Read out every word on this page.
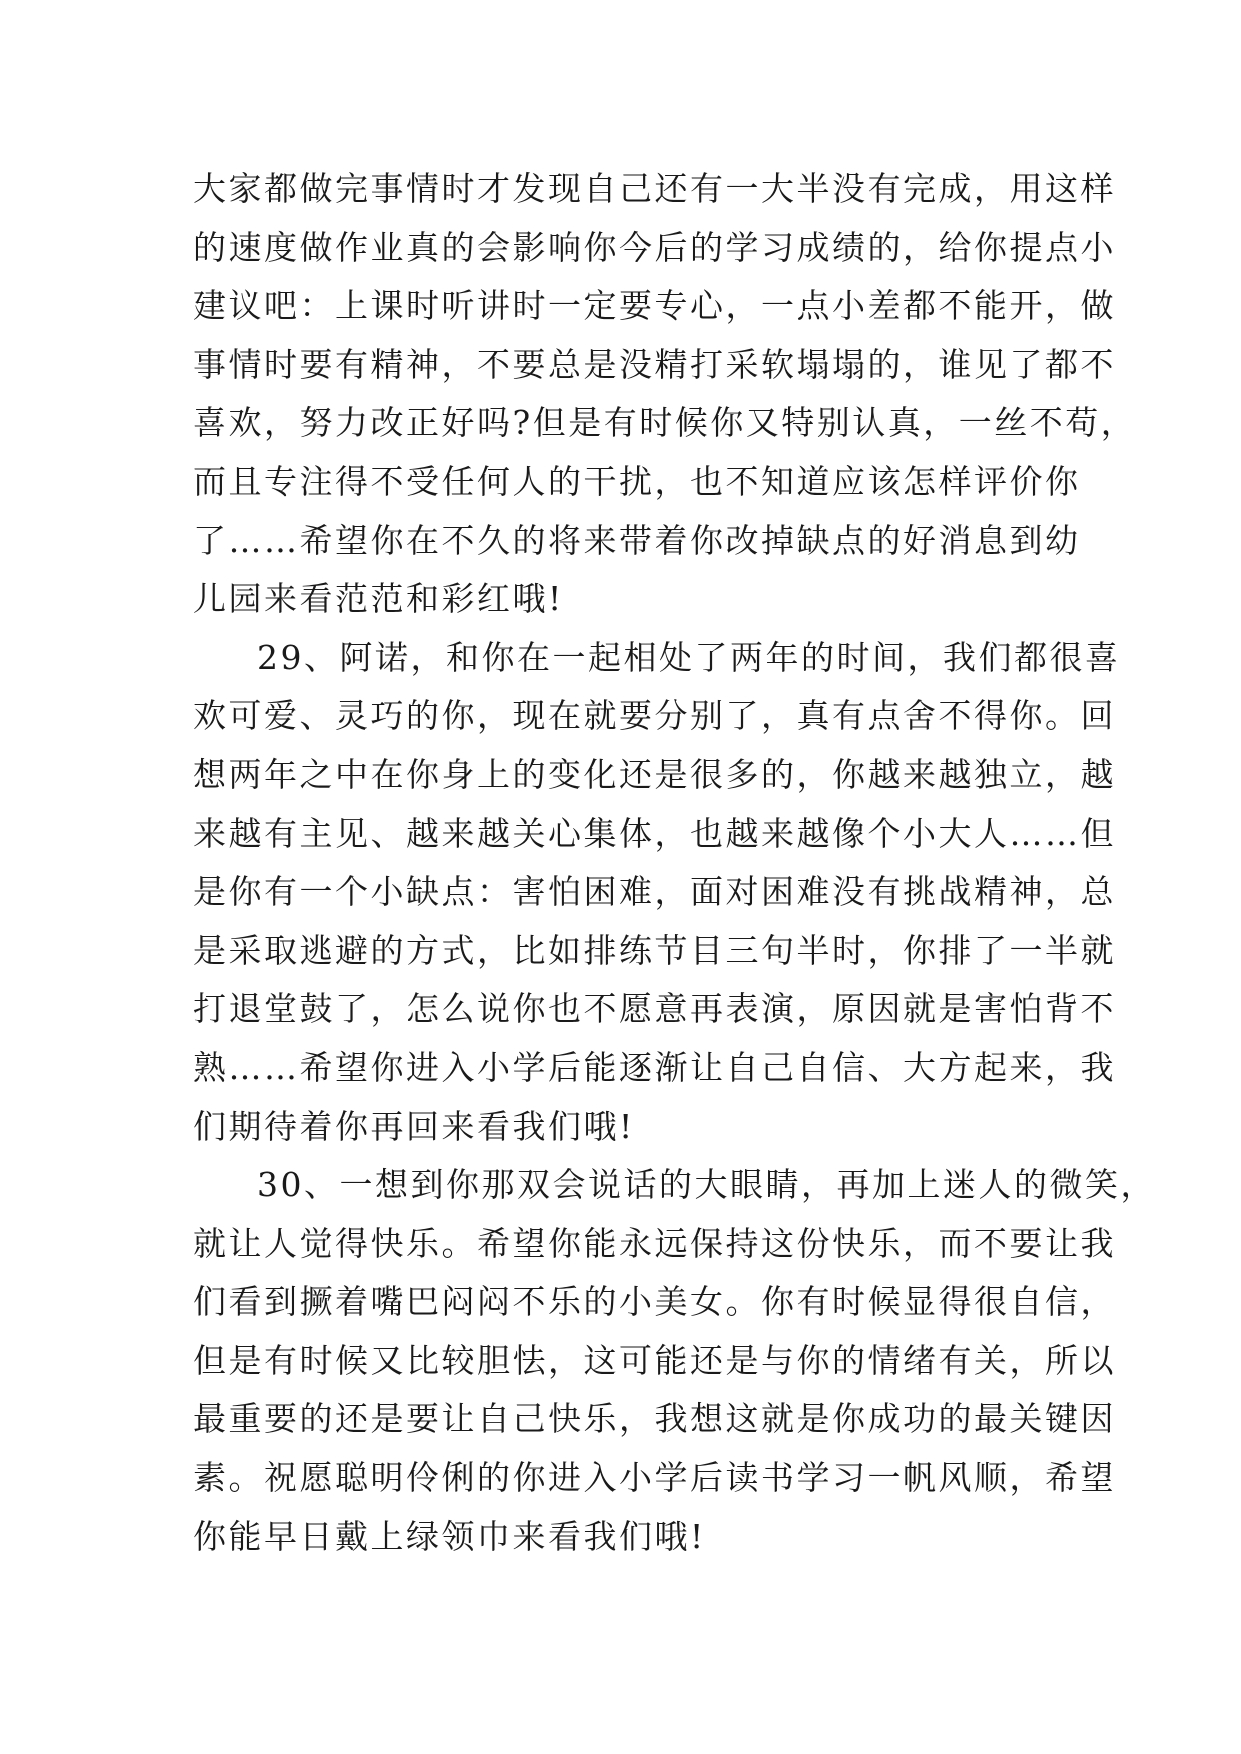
大家都做完事情时才发现自己还有一大半没有完成，用这样
的速度做作业真的会影响你今后的学习成绩的，给你提点小
建议吧：上课时听讲时一定要专心，一点小差都不能开，做
事情时要有精神，不要总是没精打采软塌塌的，谁见了都不
喜欢，努力改正好吗?但是有时候你又特别认真，一丝不苟，
而且专注得不受任何人的干扰，也不知道应该怎样评价你
了……希望你在不久的将来带着你改掉缺点的好消息到幼
儿园来看范范和彩红哦!
29、阿诺，和你在一起相处了两年的时间，我们都很喜
欢可爱、灵巧的你，现在就要分别了，真有点舍不得你。回
想两年之中在你身上的变化还是很多的，你越来越独立，越
来越有主见、越来越关心集体，也越来越像个小大人……但
是你有一个小缺点：害怕困难，面对困难没有挑战精神，总
是采取逃避的方式，比如排练节目三句半时，你排了一半就
打退堂鼓了，怎么说你也不愿意再表演，原因就是害怕背不
熟……希望你进入小学后能逐渐让自己自信、大方起来，我
们期待着你再回来看我们哦!
30、一想到你那双会说话的大眼睛，再加上迷人的微笑，
就让人觉得快乐。希望你能永远保持这份快乐，而不要让我
们看到撅着嘴巴闷闷不乐的小美女。你有时候显得很自信，
但是有时候又比较胆怯，这可能还是与你的情绪有关，所以
最重要的还是要让自己快乐，我想这就是你成功的最关键因
素。祝愿聪明伶俐的你进入小学后读书学习一帆风顺，希望
你能早日戴上绿领巾来看我们哦!
